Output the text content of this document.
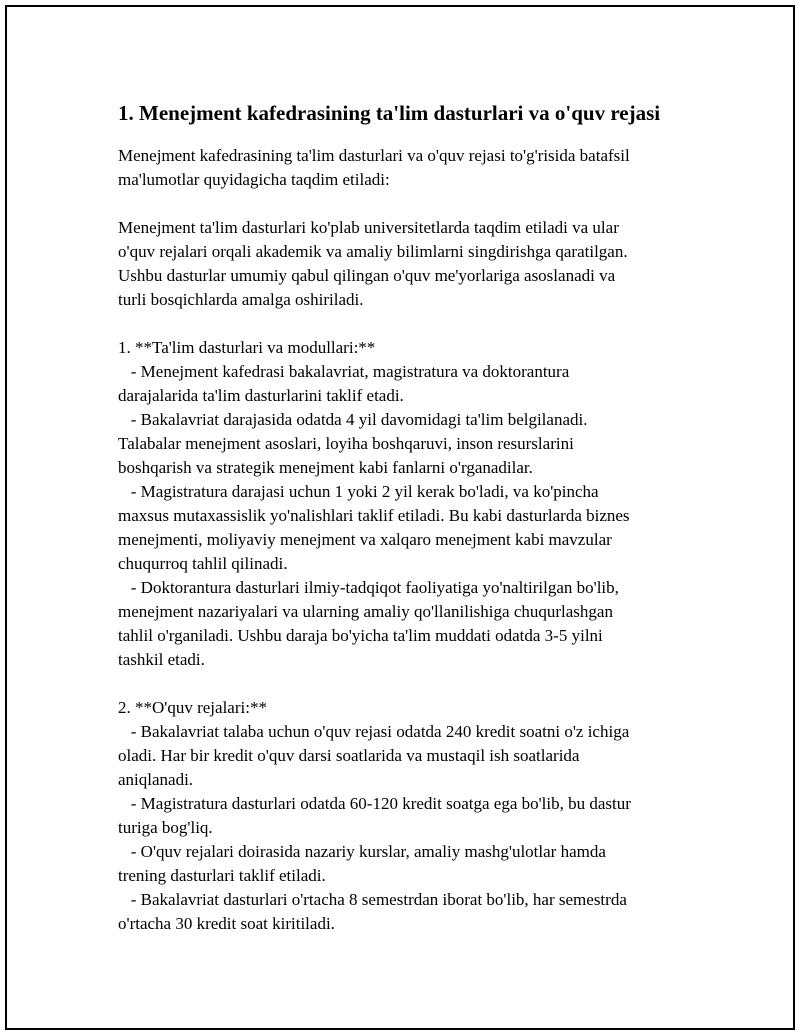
1. Menejment kafedrasining ta'lim dasturlari va o'quv rejasi

Menejment kafedrasining ta'lim dasturlari va o'quv rejasi to'g'risida batafsil
ma'lumotlar quyidagicha taqdim etiladi:

Menejment ta'lim dasturlari ko'plab universitetlarda taqdim etiladi va ular
o'quv rejalari orqali akademik va amaliy bilimlarni singdirishga qaratilgan.
Ushbu dasturlar umumiy qabul qilingan o'quv me'yorlariga asoslanadi va
turli bosqichlarda amalga oshiriladi.

1. **Ta'lim dasturlari va modullari:**
- Menejment kafedrasi bakalavriat, magistratura va doktorantura
darajalarida ta'lim dasturlarini taklif etadi.
- Bakalavriat darajasida odatda 4 yil davomidagi ta'lim belgilanadi.
Talabalar menejment asoslari, loyiha boshqaruvi, inson resurslarini
boshqarish va strategik menejment kabi fanlarni o'rganadilar.
- Magistratura darajasi uchun 1 yoki 2 yil kerak bo'ladi, va ko'pincha
maxsus mutaxassislik yo'nalishlari taklif etiladi. Bu kabi dasturlarda biznes
menejmenti, moliyaviy menejment va xalqaro menejment kabi mavzular
chuqurroq tahlil qilinadi.
- Doktorantura dasturlari ilmiy-tadqiqot faoliyatiga yo'naltirilgan bo'lib,
menejment nazariyalari va ularning amaliy qo'llanilishiga chuqurlashgan
tahlil o'rganiladi. Ushbu daraja bo'yicha ta'lim muddati odatda 3-5 yilni
tashkil etadi.

2. **O'quv rejalari:**
- Bakalavriat talaba uchun o'quv rejasi odatda 240 kredit soatni o'z ichiga
oladi. Har bir kredit o'quv darsi soatlarida va mustaqil ish soatlarida
aniqlanadi.
- Magistratura dasturlari odatda 60-120 kredit soatga ega bo'lib, bu dastur
turiga bog'liq.
- O'quv rejalari doirasida nazariy kurslar, amaliy mashg'ulotlar hamda
trening dasturlari taklif etiladi.
- Bakalavriat dasturlari o'rtacha 8 semestrdan iborat bo'lib, har semestrda
o'rtacha 30 kredit soat kiritiladi.
